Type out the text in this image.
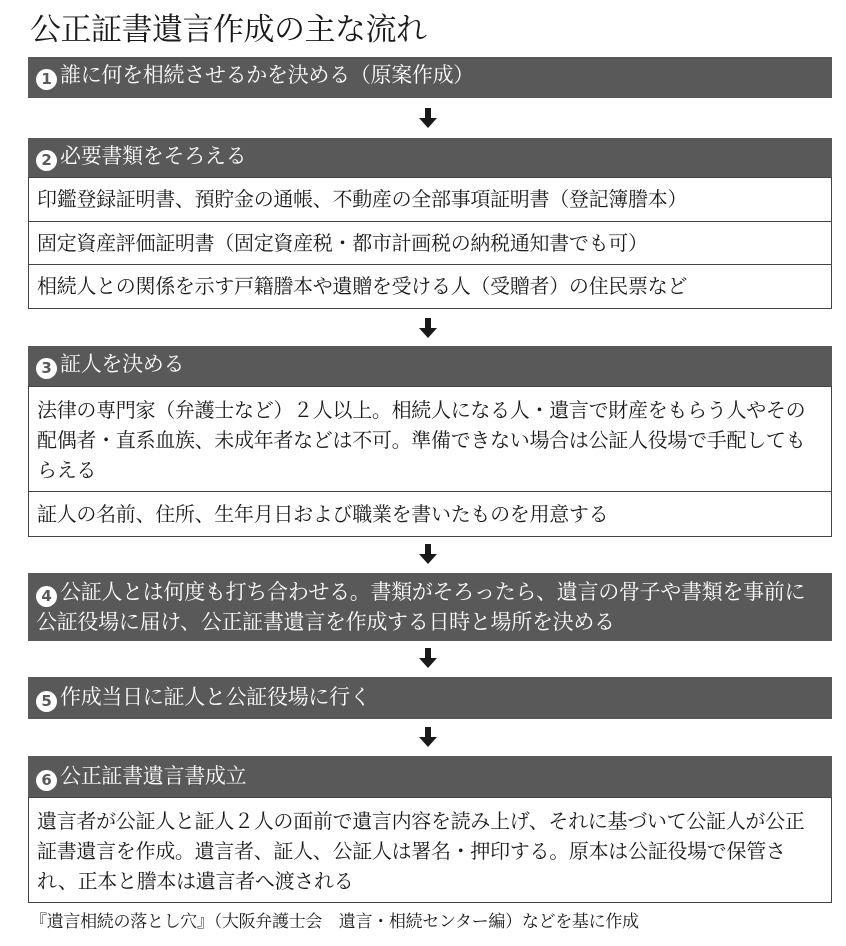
公正証書遺言作成の主な流れ
1 誰に何を相続させるかを決める（原案作成）
2 必要書類をそろえる
印鑑登録証明書、預貯金の通帳、不動産の全部事項証明書（登記簿謄本）
固定資産評価証明書（固定資産税・都市計画税の納税通知書でも可）
相続人との関係を示す戸籍謄本や遺贈を受ける人（受贈者）の住民票など
3 証人を決める
法律の専門家（弁護士など）２人以上。相続人になる人・遺言で財産をもらう人やその配偶者・直系血族、未成年者などは不可。準備できない場合は公証人役場で手配してもらえる
証人の名前、住所、生年月日および職業を書いたものを用意する
4 公証人とは何度も打ち合わせる。書類がそろったら、遺言の骨子や書類を事前に公証役場に届け、公正証書遺言を作成する日時と場所を決める
5 作成当日に証人と公証役場に行く
6 公正証書遺言書成立
遺言者が公証人と証人２人の面前で遺言内容を読み上げ、それに基づいて公証人が公正証書遺言を作成。遺言者、証人、公証人は署名・押印する。原本は公証役場で保管され、正本と謄本は遺言者へ渡される
『遺言相続の落とし穴』（大阪弁護士会　遺言・相続センター編）などを基に作成
